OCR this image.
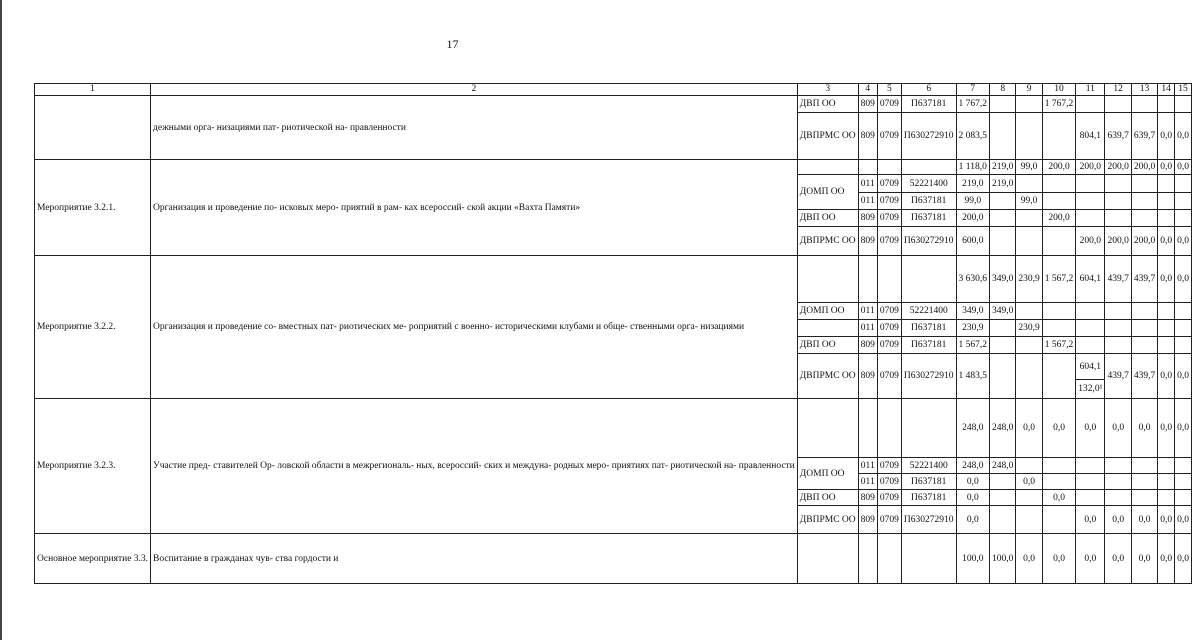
17
1	2	3	4	5	6	7	8	9	10	11	12	13	14	15
	дежными орга- низациями пат- риотической на- правленности	ДВП ОО	809	0709	П637181	1 767,2			1 767,2					
		ДВПРМС ОО	809	0709	П630272910	2 083,5				804,1	639,7	639,7	0,0	0,0
Мероприятие 3.2.1.	Организация и проведение по- исковых меро- приятий в рам- ках всероссий- ской акции «Вахта Памяти»					1 118,0	219,0	99,0	200,0	200,0	200,0	200,0	0,0	0,0
		ДОМП ОО	011	0709	52221400	219,0	219,0							
			011	0709	П637181	99,0		99,0						
		ДВП ОО	809	0709	П637181	200,0			200,0					
		ДВПРМС ОО	809	0709	П630272910	600,0				200,0	200,0	200,0	0,0	0,0
Мероприятие 3.2.2.	Организация и проведение со- вместных пат- риотических ме- роприятий с военно- историческими клубами и обще- ственными орга- низациями					3 630,6	349,0	230,9	1 567,2	604,1	439,7	439,7	0,0	0,0
		ДОМП ОО	011	0709	52221400	349,0	349,0							
			011	0709	П637181	230,9		230,9						
		ДВП ОО	809	0709	П637181	1 567,2			1 567,2					
		ДВПРМС ОО	809	0709	П630272910	1 483,5				604,1	439,7	439,7	0,0	0,0
										132,0¹				
Мероприятие 3.2.3.	Участие пред- ставителей Ор- ловской области в межрегиональ- ных, всероссий- ских и междуна- родных меро- приятиях пат- риотической на- правленности					248,0	248,0	0,0	0,0	0,0	0,0	0,0	0,0	0,0
		ДОМП ОО	011	0709	52221400	248,0	248,0							
			011	0709	П637181	0,0		0,0						
		ДВП ОО	809	0709	П637181	0,0			0,0					
		ДВПРМС ОО	809	0709	П630272910	0,0				0,0	0,0	0,0	0,0	0,0
Основное мероприятие 3.3.	Воспитание в гражданах чув- ства гордости и					100,0	100,0	0,0	0,0	0,0	0,0	0,0	0,0	0,0
